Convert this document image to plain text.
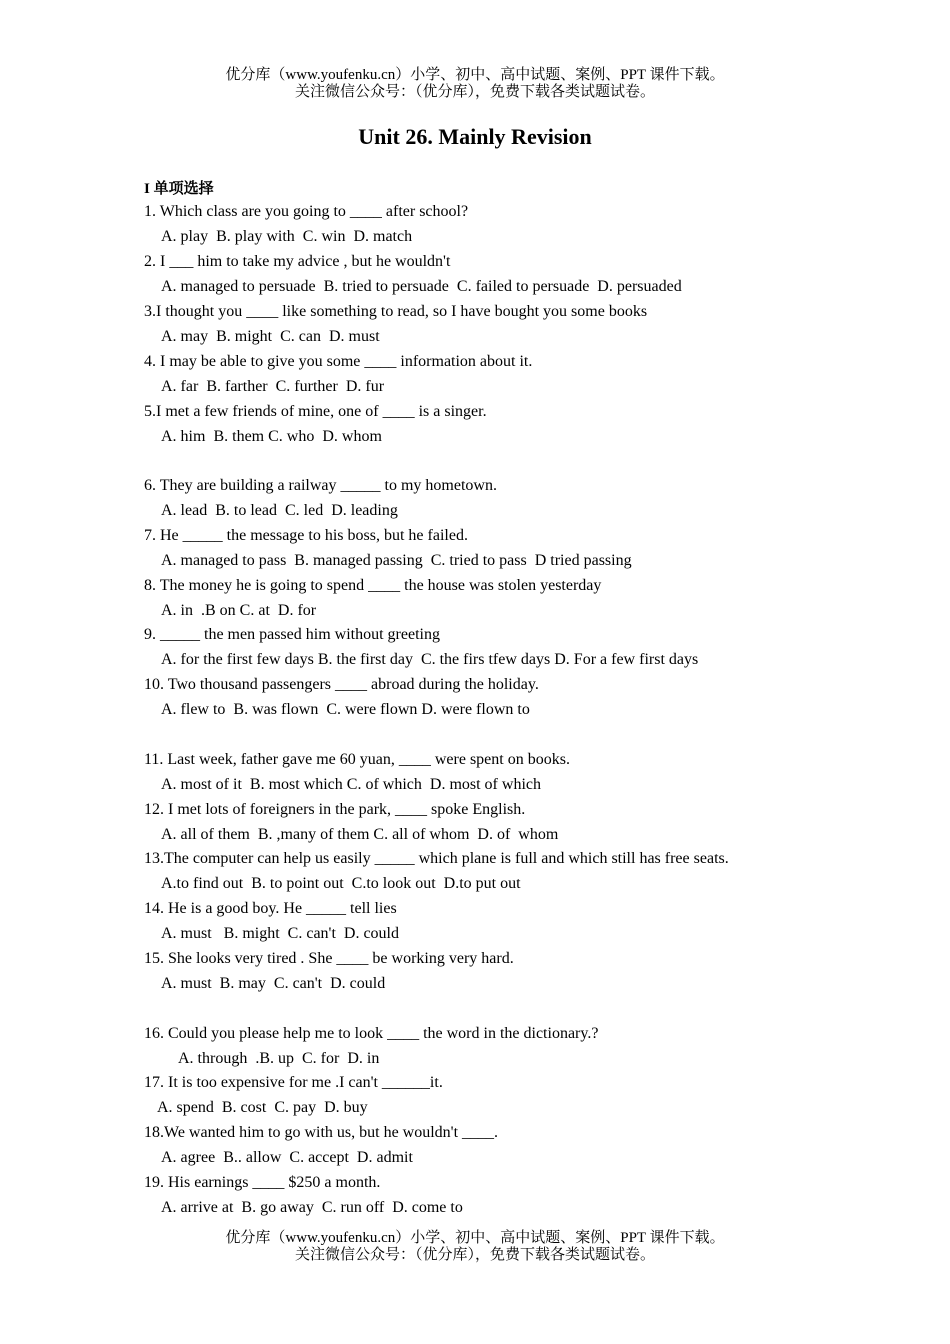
优分库（www.youfenku.cn）小学、初中、高中试题、案例、PPT 课件下载。
关注微信公众号：（优分库），免费下载各类试题试卷。
Unit 26. Mainly Revision
I 单项选择
1. Which class are you going to ____ after school?
A. play  B. play with  C. win  D. match
2. I ___ him to take my advice , but he wouldn't
A. managed to persuade  B. tried to persuade  C. failed to persuade  D. persuaded
3.I thought you ____ like something to read, so I have bought you some books
A. may  B. might  C. can  D. must
4. I may be able to give you some ____ information about it.
A. far  B. farther  C. further  D. fur
5.I met a few friends of mine, one of ____ is a singer.
A. him  B. them C. who  D. whom
6. They are building a railway _____ to my hometown.
A. lead  B. to lead  C. led  D. leading
7. He _____ the message to his boss, but he failed.
A. managed to pass  B. managed passing  C. tried to pass  D tried passing
8. The money he is going to spend ____ the house was stolen yesterday
A. in  .B on C. at  D. for
9. _____ the men passed him without greeting
A. for the first few days B. the first day  C. the firs tfew days D. For a few first days
10. Two thousand passengers ____ abroad during the holiday.
A. flew to  B. was flown  C. were flown D. were flown to
11. Last week, father gave me 60 yuan, ____ were spent on books.
A. most of it  B. most which C. of which  D. most of which
12. I met lots of foreigners in the park, ____ spoke English.
A. all of them  B. ,many of them C. all of whom  D. of  whom
13.The computer can help us easily _____ which plane is full and which still has free seats.
A.to find out  B. to point out  C.to look out  D.to put out
14. He is a good boy. He _____ tell lies
A. must   B. might  C. can't  D. could
15. She looks very tired . She ____ be working very hard.
A. must  B. may  C. can't  D. could
16. Could you please help me to look ____ the word in the dictionary.?
A. through  .B. up  C. for  D. in
17. It is too expensive for me .I can't ______it.
A. spend  B. cost  C. pay  D. buy
18.We wanted him to go with us, but he wouldn't ____.
A. agree  B.. allow  C. accept  D. admit
19. His earnings ____ $250 a month.
A. arrive at  B. go away  C. run off  D. come to
优分库（www.youfenku.cn）小学、初中、高中试题、案例、PPT 课件下载。
关注微信公众号：（优分库），免费下载各类试题试卷。
